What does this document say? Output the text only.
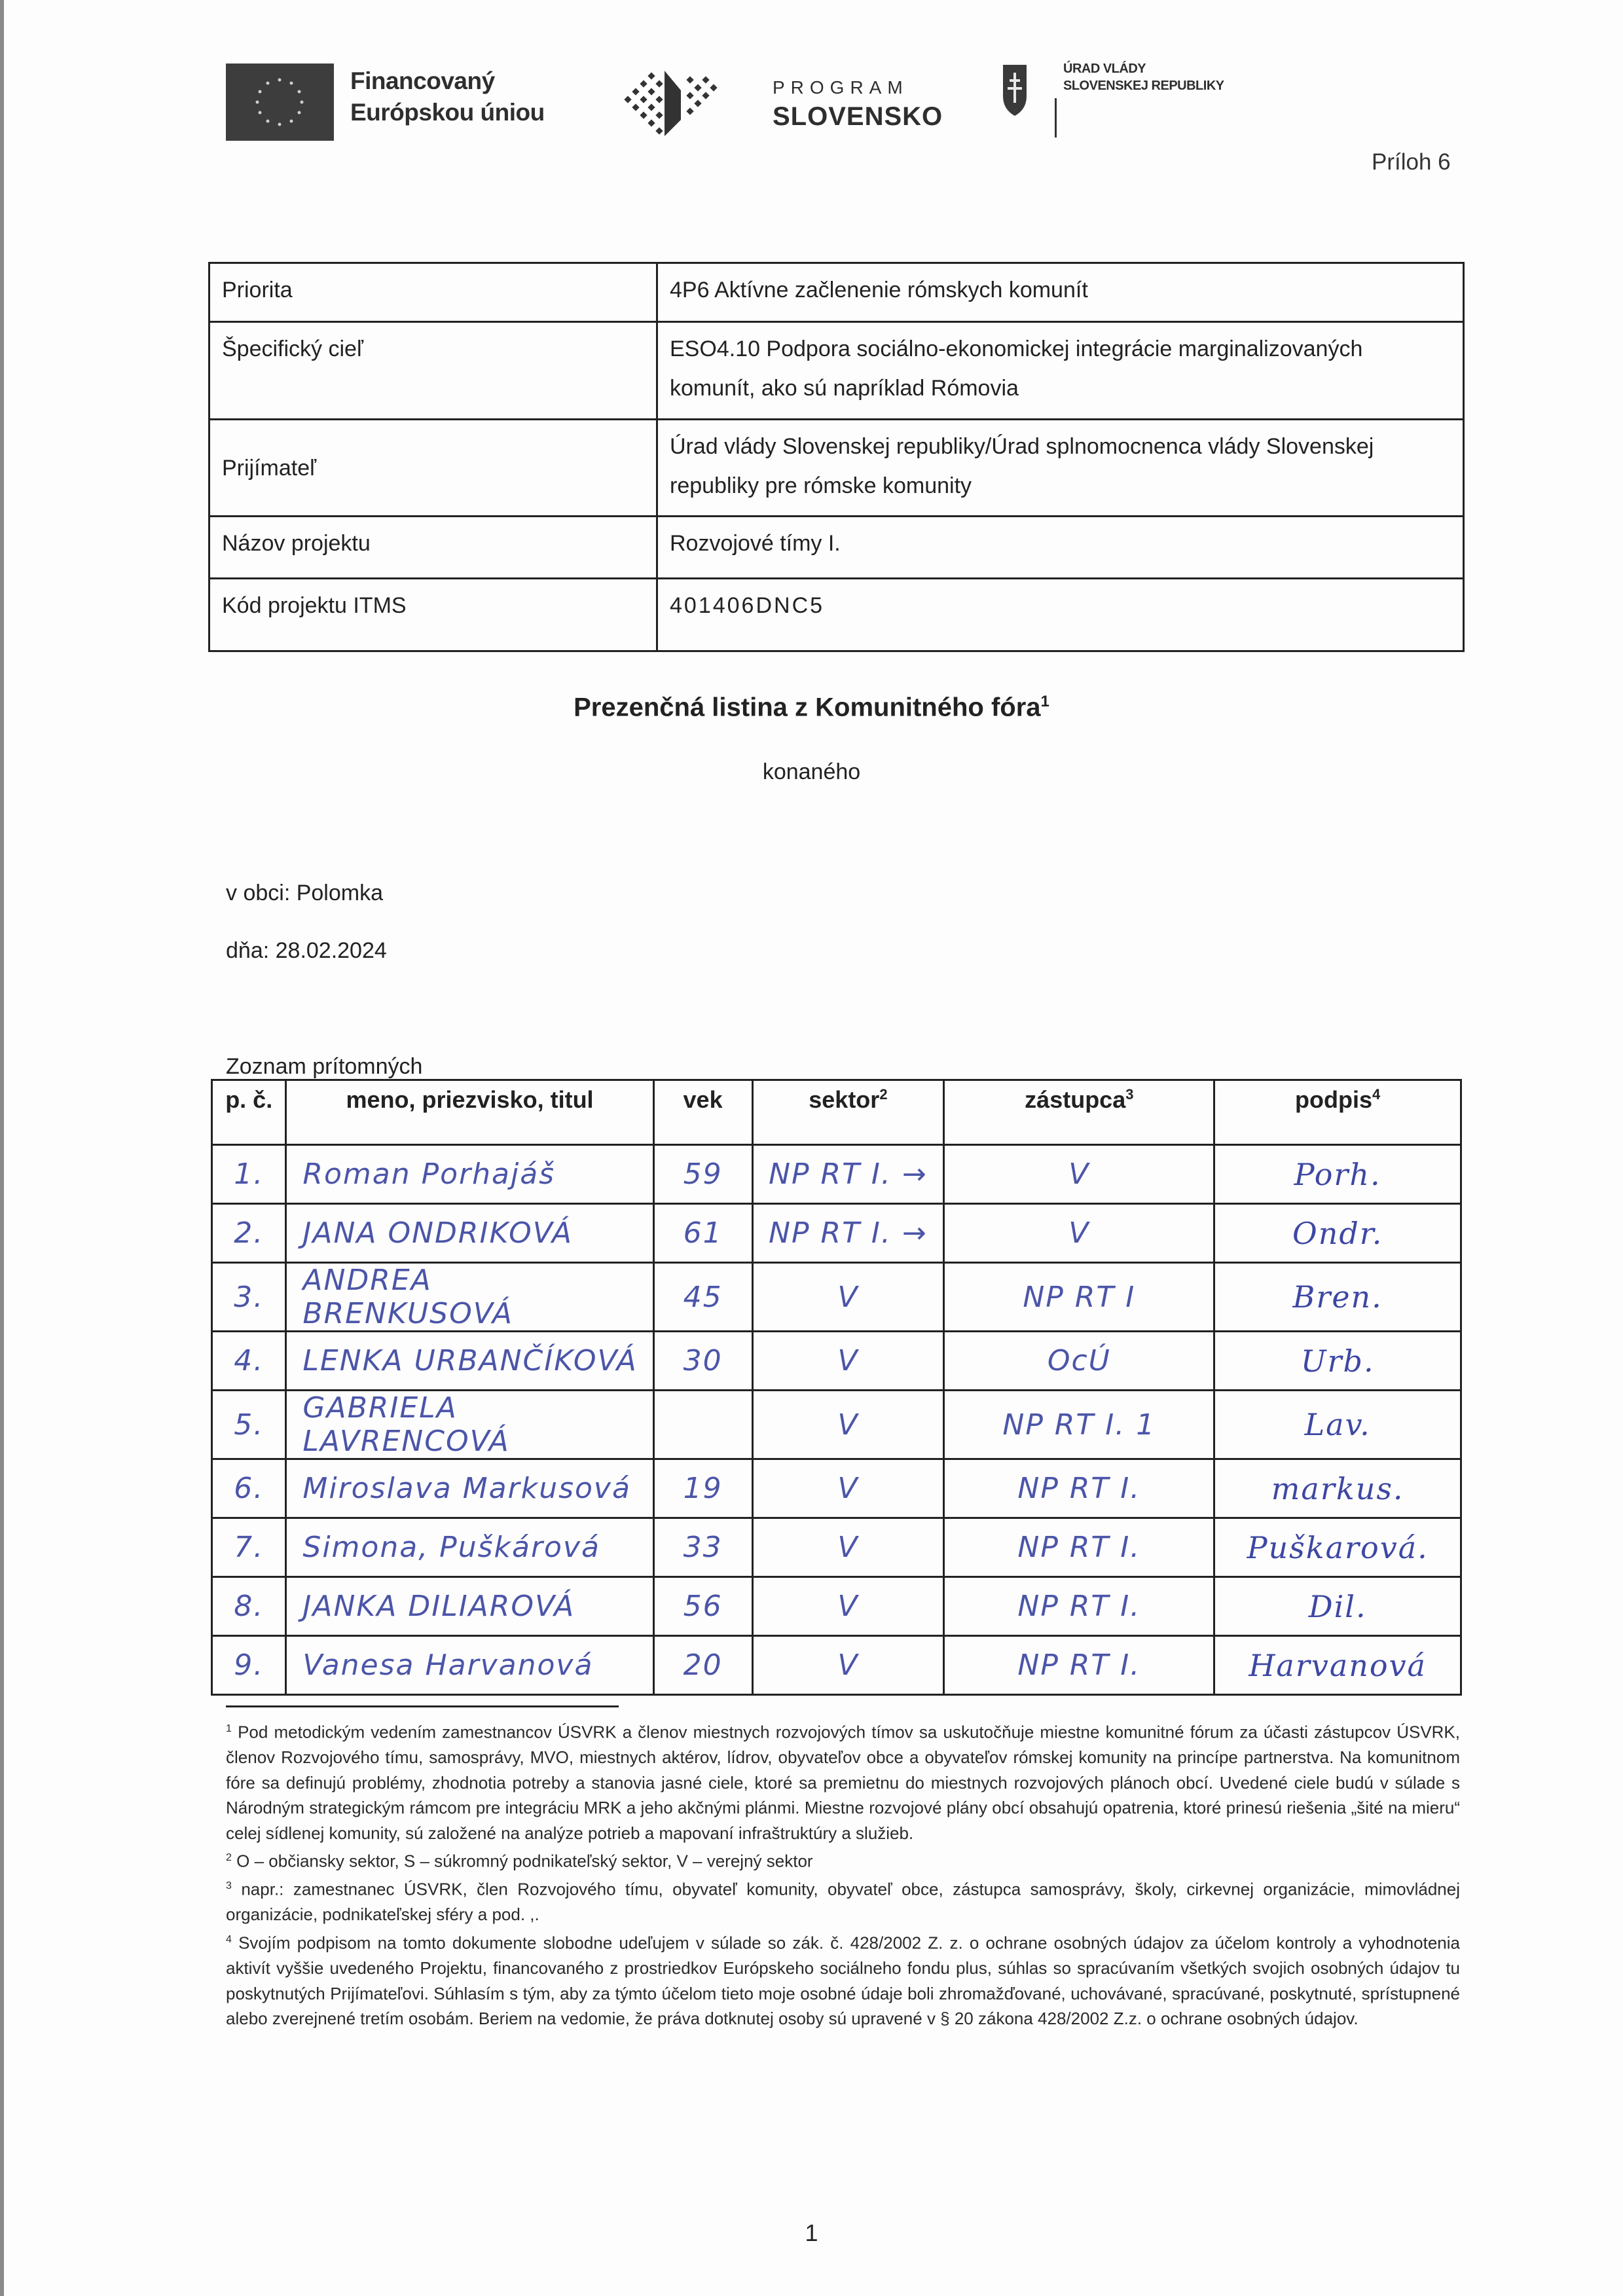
Financovaný
Európskou úniou
PROGRAM
SLOVENSKO
ÚRAD VLÁDY
SLOVENSKEJ REPUBLIKY
Príloh 6
Priorita	4P6 Aktívne začlenenie rómskych komunít
Špecifický cieľ	ESO4.10 Podpora sociálno-ekonomickej integrácie marginalizovaných komunít, ako sú napríklad Rómovia
Prijímateľ	Úrad vlády Slovenskej republiky/Úrad splnomocnenca vlády Slovenskej republiky pre rómske komunity
Názov projektu	Rozvojové tímy I.
Kód projektu ITMS	401406DNC5
Prezenčná listina z Komunitného fóra$^1$
konaného
v obci: Polomka
dňa: 28.02.2024
Zoznam prítomných
p. č.	meno, priezvisko, titul	vek	sektor$^2$	zástupca$^3$	podpis$^4$
1.	Roman Porhajáš	59	NP RT I. →	V	Porh.
2.	JANA ONDRIKOVÁ	61	NP RT I. →	V	Ondr.
3.	ANDREA BRENKUSOVÁ	45	V	NP RT I	Bren.
4.	LENKA URBANČÍKOVÁ	30	V	OcÚ	Urb.
5.	GABRIELA LAVRENCOVÁ		V	NP RT I. 1	Lav.
6.	Miroslava Markusová	19	V	NP RT I.	markus.
7.	Simona, Puškárová	33	V	NP RT I.	Puškarová.
8.	JANKA DILIAROVÁ	56	V	NP RT I.	Dil.
9.	Vanesa Harvanová	20	V	NP RT I.	Harvanová

$^1$ Pod metodickým vedením zamestnancov ÚSVRK a členov miestnych rozvojových tímov sa uskutočňuje miestne komunitné fórum za účasti zástupcov ÚSVRK, členov Rozvojového tímu, samosprávy, MVO, miestnych aktérov, lídrov, obyvateľov obce a obyvateľov rómskej komunity na princípe partnerstva. Na komunitnom fóre sa definujú problémy, zhodnotia potreby a stanovia jasné ciele, ktoré sa premietnu do miestnych rozvojových plánoch obcí. Uvedené ciele budú v súlade s Národným strategickým rámcom pre integráciu MRK a jeho akčnými plánmi. Miestne rozvojové plány obcí obsahujú opatrenia, ktoré prinesú riešenia „šité na mieru“ celej sídlenej komunity, sú založené na analýze potrieb a mapovaní infraštruktúry a služieb.

$^2$ O – občiansky sektor, S – súkromný podnikateľský sektor, V – verejný sektor

$^3$ napr.: zamestnanec ÚSVRK, člen Rozvojového tímu, obyvateľ komunity, obyvateľ obce, zástupca samosprávy, školy, cirkevnej organizácie, mimovládnej organizácie, podnikateľskej sféry a pod. ,.

$^4$ Svojím podpisom na tomto dokumente slobodne udeľujem v súlade so zák. č. 428/2002 Z. z. o ochrane osobných údajov za účelom kontroly a vyhodnotenia aktivít vyššie uvedeného Projektu, financovaného z prostriedkov Európskeho sociálneho fondu plus, súhlas so spracúvaním všetkých svojich osobných údajov tu poskytnutých Prijímateľovi. Súhlasím s tým, aby za týmto účelom tieto moje osobné údaje boli zhromažďované, uchovávané, spracúvané, poskytnuté, sprístupnené alebo zverejnené tretím osobám. Beriem na vedomie, že práva dotknutej osoby sú upravené v § 20 zákona 428/2002 Z.z. o ochrane osobných údajov.

1
